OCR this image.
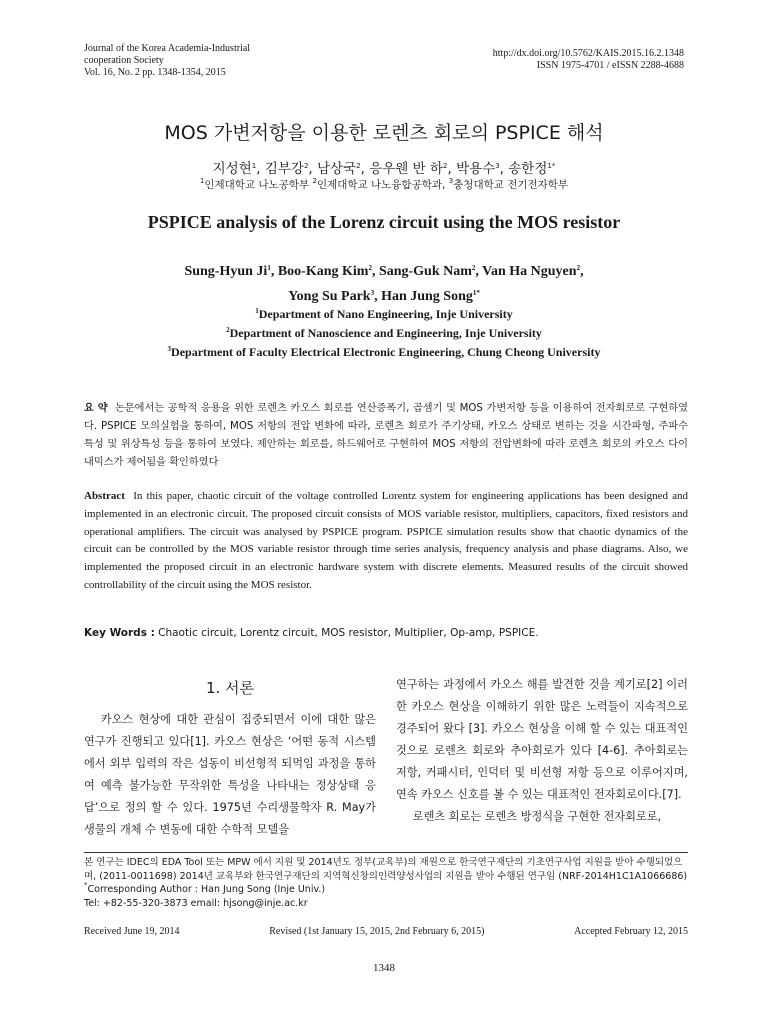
Journal of the Korea Academia-Industrial
cooperation Society
Vol. 16, No. 2 pp. 1348-1354, 2015
http://dx.doi.org/10.5762/KAIS.2015.16.2.1348
ISSN 1975-4701 / eISSN 2288-4688
MOS 가변저항을 이용한 로렌츠 회로의 PSPICE 해석
지성현$^1$, 김부강$^2$, 남상국$^2$, 응우웬 반 하$^2$, 박용수$^3$, 송한정$^{1*}$
$^1$인제대학교 나노공학부 $^2$인제대학교 나노융합공학과, $^3$충청대학교 전기전자학부
PSPICE analysis of the Lorenz circuit using the MOS resistor
Sung-Hyun Ji$^1$, Boo-Kang Kim$^2$, Sang-Guk Nam$^2$, Van Ha Nguyen$^2$,
Yong Su Park$^3$, Han Jung Song$^{1*}$
$^1$Department of Nano Engineering, Inje University
$^2$Department of Nanoscience and Engineering, Inje University
$^3$Department of Faculty Electrical Electronic Engineering, Chung Cheong University
요 약 논문에서는 공학적 응용을 위한 로렌츠 카오스 회로를 연산증폭기, 곱셈기 및 MOS 가변저항 등을 이용하여 전자회로로 구현하였다. PSPICE 모의실험을 통하여, MOS 저항의 전압 변화에 따라, 로렌츠 회로가 주기상태, 카오스 상태로 변하는 것을 시간파형, 주파수 특성 및 위상특성 등을 통하여 보였다. 제안하는 회로를, 하드웨어로 구현하여 MOS 저항의 전압변화에 따라 로렌츠 회로의 카오스 다이내믹스가 제어됨을 확인하였다
Abstract In this paper, chaotic circuit of the voltage controlled Lorentz system for engineering applications has been designed and implemented in an electronic circuit. The proposed circuit consists of MOS variable resistor, multipliers, capacitors, fixed resistors and operational amplifiers. The circuit was analysed by PSPICE program. PSPICE simulation results show that chaotic dynamics of the circuit can be controlled by the MOS variable resistor through time series analysis, frequency analysis and phase diagrams. Also, we implemented the proposed circuit in an electronic hardware system with discrete elements. Measured results of the circuit showed controllability of the circuit using the MOS resistor.
Key Words : Chaotic circuit, Lorentz circuit, MOS resistor, Multiplier, Op-amp, PSPICE.
1. 서론

카오스 현상에 대한 관심이 집중되면서 이에 대한 많은 연구가 진행되고 있다[1]. 카오스 현상은 ‘어떤 동적 시스템에서 외부 입력의 작은 섭동이 비선형적 되먹임 과정을 통하여 예측 불가능한 무작위한 특성을 나타내는 정상상태 응답’으로 정의 할 수 있다. 1975년 수리생물학자 R. May가 생물의 개체 수 변동에 대한 수학적 모델을

연구하는 과정에서 카오스 해를 발견한 것을 계기로[2] 이러한 카오스 현상을 이해하기 위한 많은 노력들이 지속적으로 경주되어 왔다 [3]. 카오스 현상을 이해 할 수 있는 대표적인 것으로 로렌츠 회로와 추아회로가 있다 [4-6]. 추아회로는 저항, 커패시터, 인덕터 및 비선형 저항 등으로 이루어지며, 연속 카오스 신호를 볼 수 있는 대표적인 전자회로이다.[7].

로렌츠 회로는 로렌츠 방정식을 구현한 전자회로로,

본 연구는 IDEC의 EDA Tool 또는 MPW 에서 지원 및 2014년도 정부(교육부)의 재원으로 한국연구재단의 기초연구사업 지원을 받아 수행되었으며, (2011-0011698) 2014년 교육부와 한국연구재단의 지역혁신창의인력양성사업의 지원을 받아 수행된 연구임 (NRF-2014H1C1A1066686)
*Corresponding Author : Han Jung Song (Inje Univ.)
Tel: +82-55-320-3873 email: hjsong@inje.ac.kr
Received June 19, 2014	Revised (1st January 15, 2015, 2nd February 6, 2015)	Accepted February 12, 2015
1348
